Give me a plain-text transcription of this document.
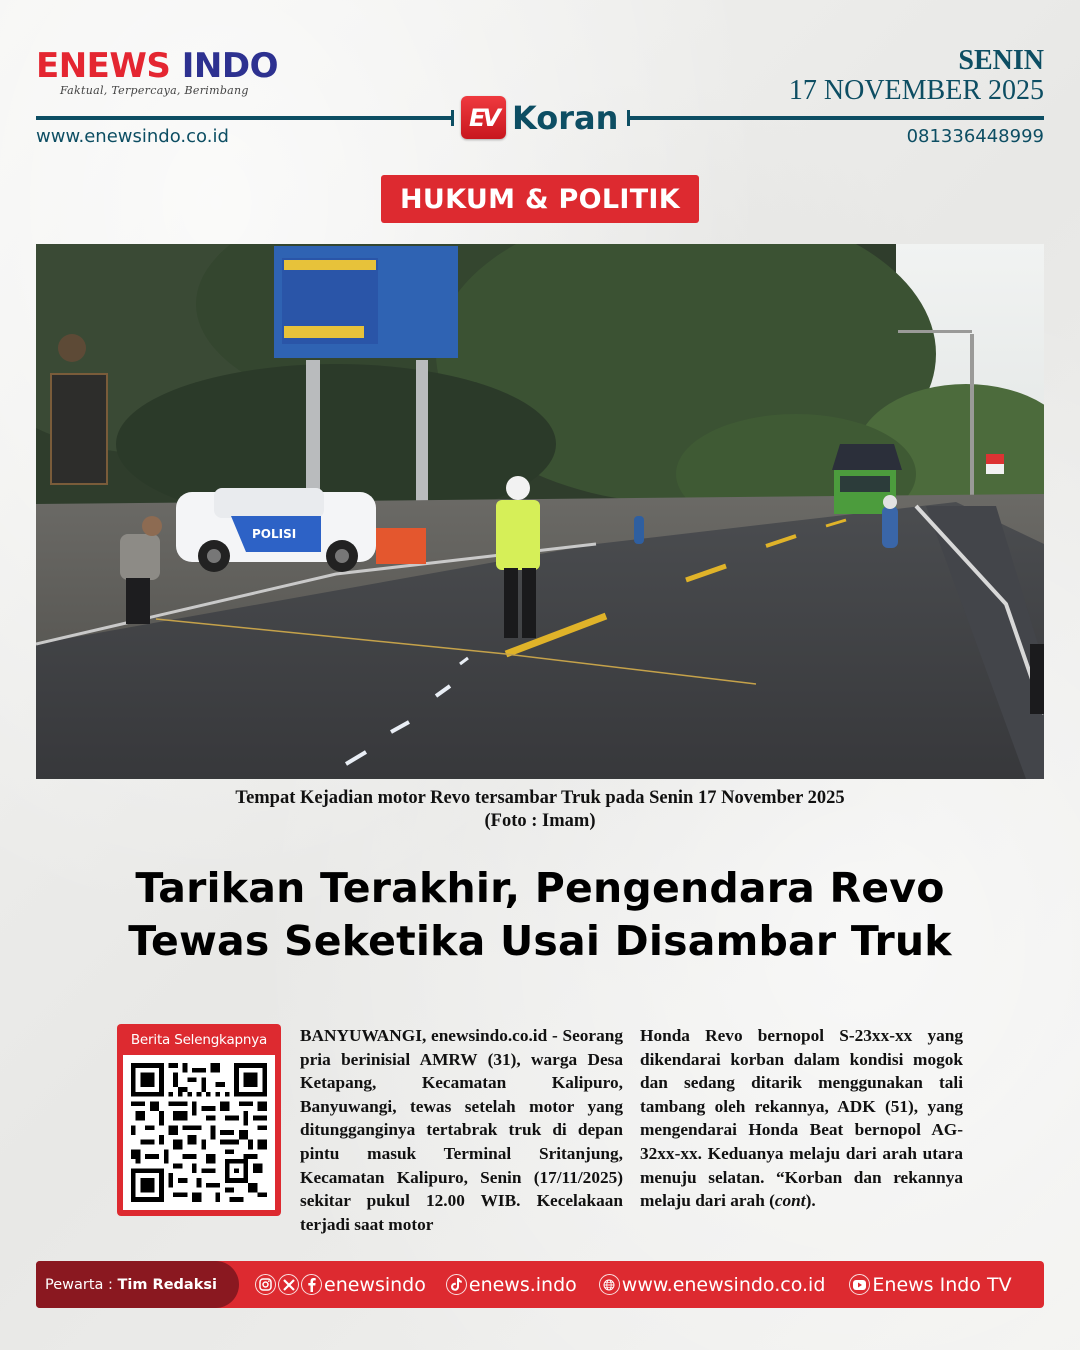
ENEWS INDO
Faktual, Terpercaya, Berimbang
SENIN
17 NOVEMBER 2025
EV Koran
www.enewsindo.co.id	081336448999
HUKUM & POLITIK
POLISI
Tempat Kejadian motor Revo tersambar Truk pada Senin 17 November 2025
(Foto : Imam)
Tarikan Terakhir, Pengendara Revo
Tewas Seketika Usai Disambar Truk
Berita Selengkapnya	BANYUWANGI, enewsindo.co.id - Seorang pria berinisial AMRW (31), warga Desa Ketapang, Kecamatan Kalipuro, Banyuwangi, tewas setelah motor yang ditungganginya tertabrak truk di depan pintu masuk Terminal Sritanjung, Kecamatan Kalipuro, Senin (17/11/2025) sekitar pukul 12.00 WIB. Kecelakaan terjadi saat motor
Honda Revo bernopol S-23xx-xx yang dikendarai korban dalam kondisi mogok dan sedang ditarik menggunakan tali tambang oleh rekannya, ADK (51), yang mengendarai Honda Beat bernopol AG-32xx-xx. Keduanya melaju dari arah utara menuju selatan. “Korban dan rekannya melaju dari arah (cont).
Pewarta :
Tim Redaksi	enewsindo enews.indo www.enewsindo.co.id Enews Indo TV
